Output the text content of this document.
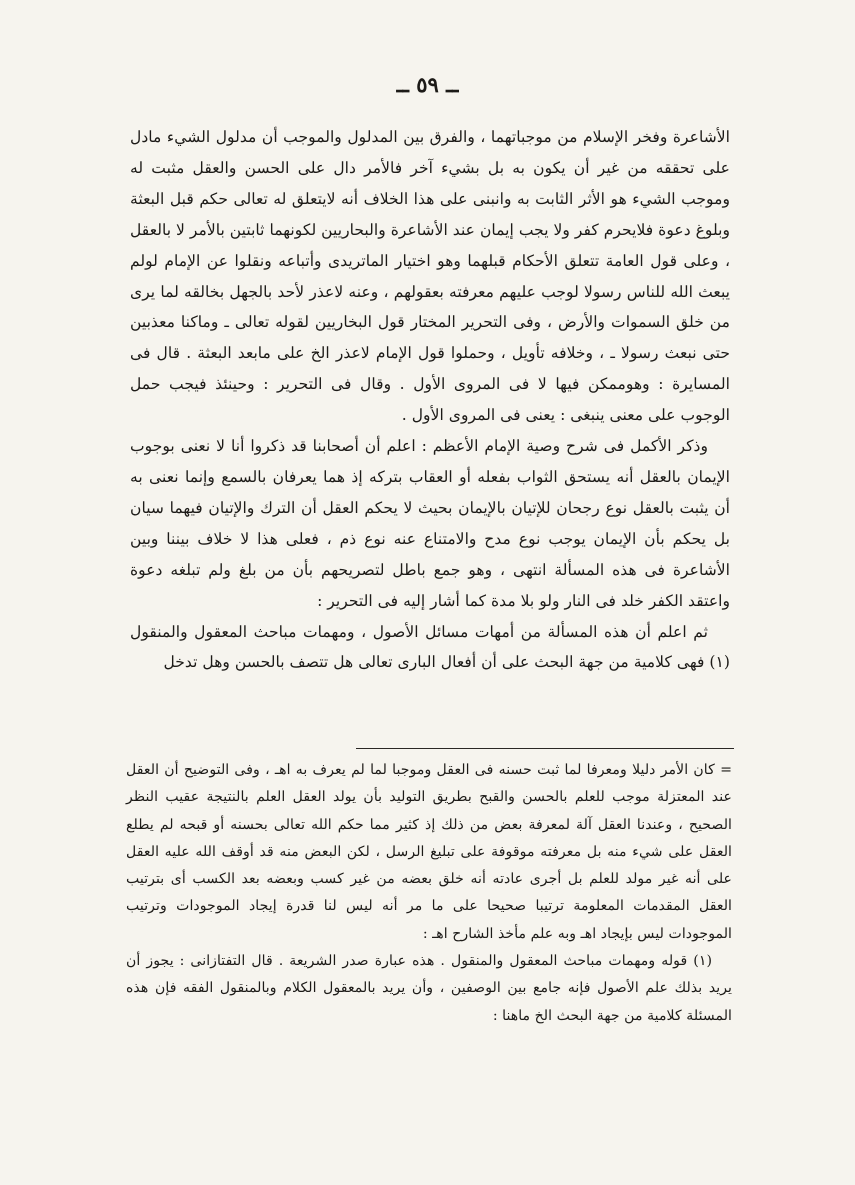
ــ ٥٩ ــ

الأشاعرة وفخر الإسلام من موجباتهما ، والفرق بين المدلول والموجب أن مدلول الشيء مادل على تحققه من غير أن يكون به بل بشيء آخر فالأمر دال على الحسن والعقل مثبت له وموجب الشيء هو الأثر الثابت به وانبنى على هذا الخلاف أنه لايتعلق له تعالى حكم قبل البعثة وبلوغ دعوة فلايحرم كفر ولا يجب إيمان عند الأشاعرة والبحاريين لكونهما ثابتين بالأمر لا بالعقل ، وعلى قول العامة تتعلق الأحكام قبلهما وهو اختيار الماتريدى وأتباعه ونقلوا عن الإمام لولم يبعث الله للناس رسولا لوجب عليهم معرفته بعقولهم ، وعنه لاعذر لأحد بالجهل بخالقه لما يرى من خلق السموات والأرض ، وفى التحرير المختار قول البخاريين لقوله تعالى ـ وماكنا معذبين حتى نبعث رسولا ـ ، وخلافه تأويل ، وحملوا قول الإمام لاعذر الخ على مابعد البعثة . قال فى المسايرة : وهوممكن فيها لا فى المروى الأول . وقال فى التحرير : وحينئذ فيجب حمل الوجوب على معنى ينبغى : يعنى فى المروى الأول .

وذكر الأكمل فى شرح وصية الإمام الأعظم : اعلم أن أصحابنا قد ذكروا أنا لا نعنى بوجوب الإيمان بالعقل أنه يستحق الثواب بفعله أو العقاب بتركه إذ هما يعرفان بالسمع وإنما نعنى به أن يثبت بالعقل نوع رجحان للإتيان بالإيمان بحيث لا يحكم العقل أن الترك والإتيان فيهما سيان بل يحكم بأن الإيمان يوجب نوع مدح والامتناع عنه نوع ذم ، فعلى هذا لا خلاف بيننا وبين الأشاعرة فى هذه المسألة انتهى ، وهو جمع باطل لتصريحهم بأن من بلغ ولم تبلغه دعوة واعتقد الكفر خلد فى النار ولو بلا مدة كما أشار إليه فى التحرير :

ثم اعلم أن هذه المسألة من أمهات مسائل الأصول ، ومهمات مباحث المعقول والمنقول (١) فهى كلامية من جهة البحث على أن أفعال البارى تعالى هل تتصف بالحسن وهل تدخل

= كان الأمر دليلا ومعرفا لما ثبت حسنه فى العقل وموجبا لما لم يعرف به اهـ ، وفى التوضيح أن العقل عند المعتزلة موجب للعلم بالحسن والقبح بطريق التوليد بأن يولد العقل العلم بالنتيجة عقيب النظر الصحيح ، وعندنا العقل آلة لمعرفة بعض من ذلك إذ كثير مما حكم الله تعالى بحسنه أو قبحه لم يطلع العقل على شيء منه بل معرفته موقوفة على تبليغ الرسل ، لكن البعض منه قد أوقف الله عليه العقل على أنه غير مولد للعلم بل أجرى عادته أنه خلق بعضه من غير كسب وبعضه بعد الكسب أى بترتيب العقل المقدمات المعلومة ترتيبا صحيحا على ما مر أنه ليس لنا قدرة إيجاد الموجودات وترتيب الموجودات ليس بإيجاد اهـ وبه علم مأخذ الشارح اهـ :

(١) قوله ومهمات مباحث المعقول والمنقول . هذه عبارة صدر الشريعة . قال التفتازانى : يجوز أن يريد بذلك علم الأصول فإنه جامع بين الوصفين ، وأن يريد بالمعقول الكلام وبالمنقول الفقه فإن هذه المسئلة كلامية من جهة البحث الخ ماهنا :
